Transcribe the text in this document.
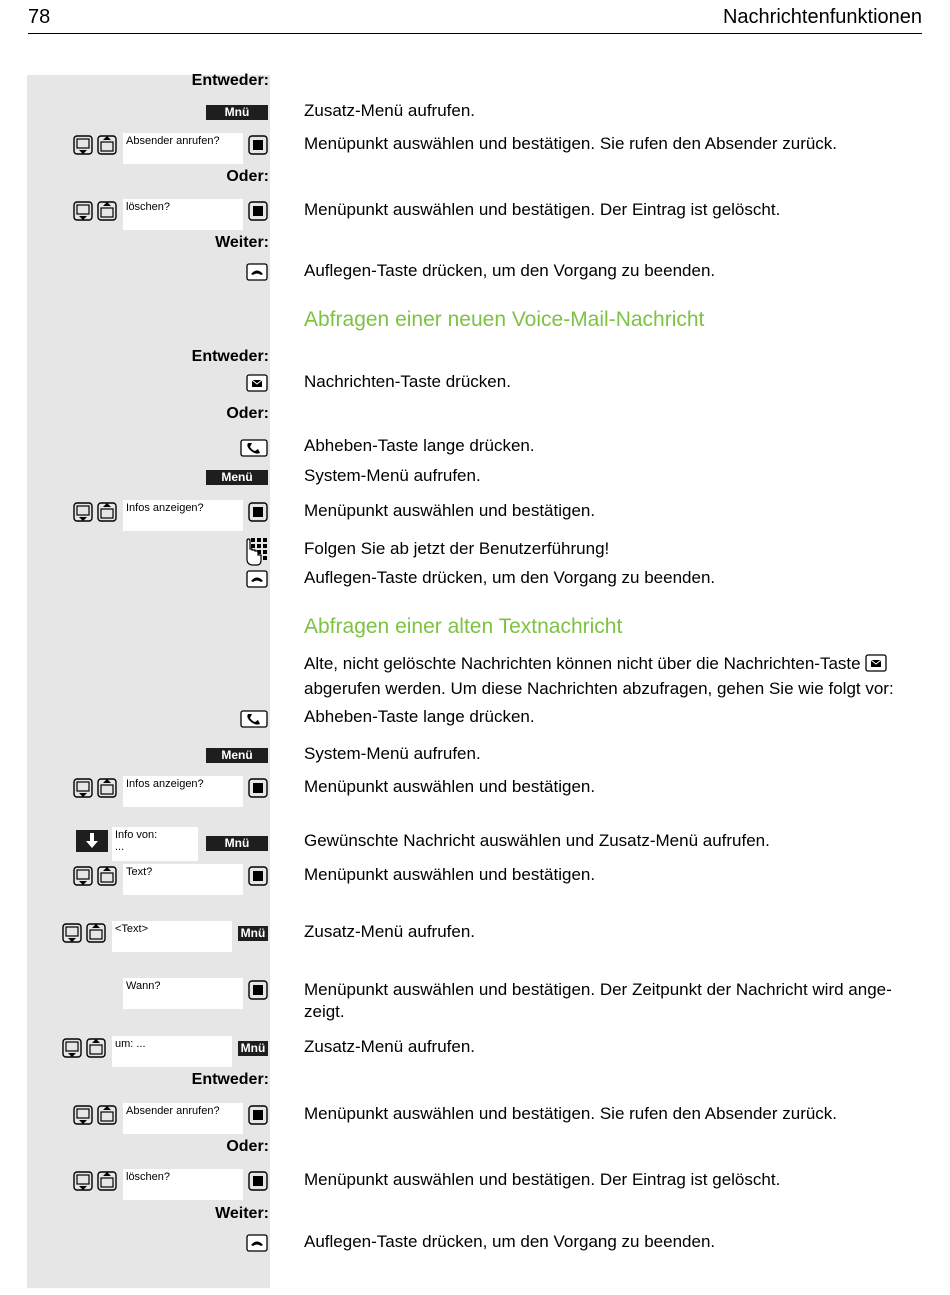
78	Nachrichtenfunktionen
Entweder:
Mnü	Zusatz-Menü aufrufen.
Absender anrufen?	Menüpunkt auswählen und bestätigen. Sie rufen den Absender zurück.
Oder:
löschen?	Menüpunkt auswählen und bestätigen. Der Eintrag ist gelöscht.
Weiter:
Auflegen-Taste drücken, um den Vorgang zu beenden.
Abfragen einer neuen Voice-Mail-Nachricht
Entweder:
Nachrichten-Taste drücken.
Oder:
Abheben-Taste lange drücken.
Menü	System-Menü aufrufen.
Infos anzeigen?	Menüpunkt auswählen und bestätigen.
Folgen Sie ab jetzt der Benutzerführung!
Auflegen-Taste drücken, um den Vorgang zu beenden.
Abfragen einer alten Textnachricht
Alte, nicht gelöschte Nachrichten können nicht über die Nachrichten-Taste
abgerufen werden. Um diese Nachrichten abzufragen, gehen Sie wie folgt vor:
Abheben-Taste lange drücken.
Menü	System-Menü aufrufen.
Infos anzeigen?	Menüpunkt auswählen und bestätigen.
Info von:
...	Mnü	Gewünschte Nachricht auswählen und Zusatz-Menü aufrufen.
Text?	Menüpunkt auswählen und bestätigen.
<Text>	Mnü Zusatz-Menü aufrufen.
Wann?	Menüpunkt auswählen und bestätigen. Der Zeitpunkt der Nachricht wird ange-
zeigt.
um: ...	Mnü Zusatz-Menü aufrufen.
Entweder:
Absender anrufen?	Menüpunkt auswählen und bestätigen. Sie rufen den Absender zurück.
Oder:
löschen?	Menüpunkt auswählen und bestätigen. Der Eintrag ist gelöscht.
Weiter:
Auflegen-Taste drücken, um den Vorgang zu beenden.
